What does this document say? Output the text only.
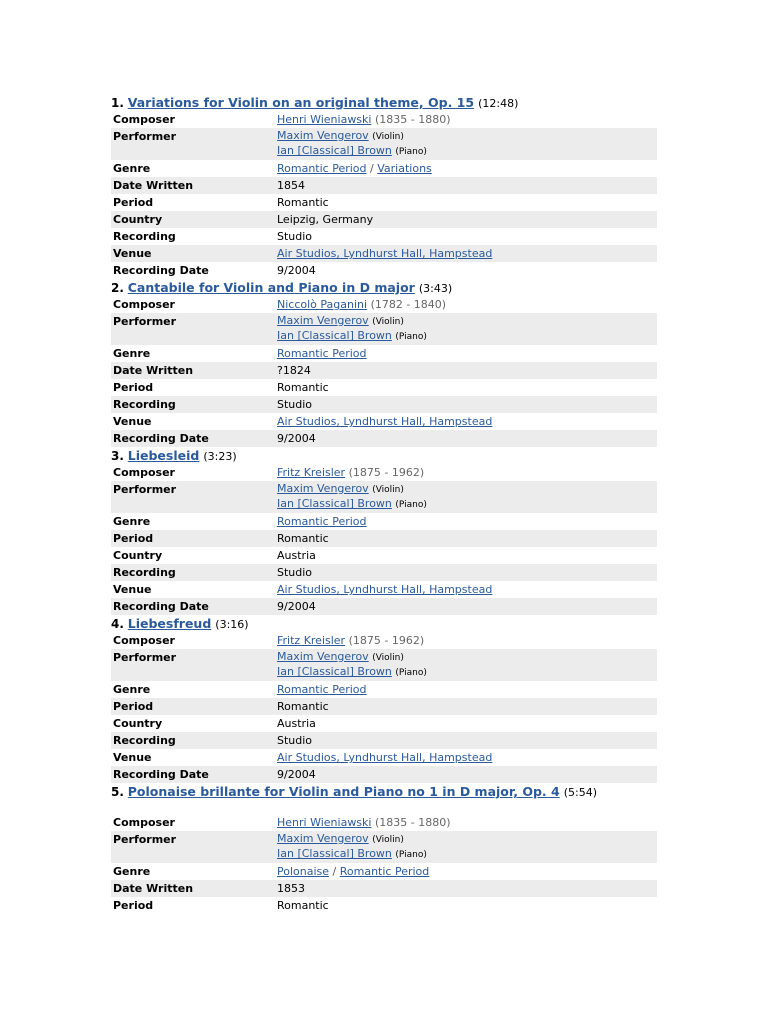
1. Variations for Violin on an original theme, Op. 15 (12:48)
Composer	Henri Wieniawski (1835 - 1880)
Performer	Maxim Vengerov (Violin)
Ian [Classical] Brown (Piano)
Genre	Romantic Period / Variations
Date Written	1854
Period	Romantic
Country	Leipzig, Germany
Recording	Studio
Venue	Air Studios, Lyndhurst Hall, Hampstead
Recording Date	9/2004
2. Cantabile for Violin and Piano in D major (3:43)
Composer	Niccolò Paganini (1782 - 1840)
Performer	Maxim Vengerov (Violin)
Ian [Classical] Brown (Piano)
Genre	Romantic Period
Date Written	?1824
Period	Romantic
Recording	Studio
Venue	Air Studios, Lyndhurst Hall, Hampstead
Recording Date	9/2004
3. Liebesleid (3:23)
Composer	Fritz Kreisler (1875 - 1962)
Performer	Maxim Vengerov (Violin)
Ian [Classical] Brown (Piano)
Genre	Romantic Period
Period	Romantic
Country	Austria
Recording	Studio
Venue	Air Studios, Lyndhurst Hall, Hampstead
Recording Date	9/2004
4. Liebesfreud (3:16)
Composer	Fritz Kreisler (1875 - 1962)
Performer	Maxim Vengerov (Violin)
Ian [Classical] Brown (Piano)
Genre	Romantic Period
Period	Romantic
Country	Austria
Recording	Studio
Venue	Air Studios, Lyndhurst Hall, Hampstead
Recording Date	9/2004
5. Polonaise brillante for Violin and Piano no 1 in D major, Op. 4 (5:54)
Composer	Henri Wieniawski (1835 - 1880)
Performer	Maxim Vengerov (Violin)
Ian [Classical] Brown (Piano)
Genre	Polonaise / Romantic Period
Date Written	1853
Period	Romantic
